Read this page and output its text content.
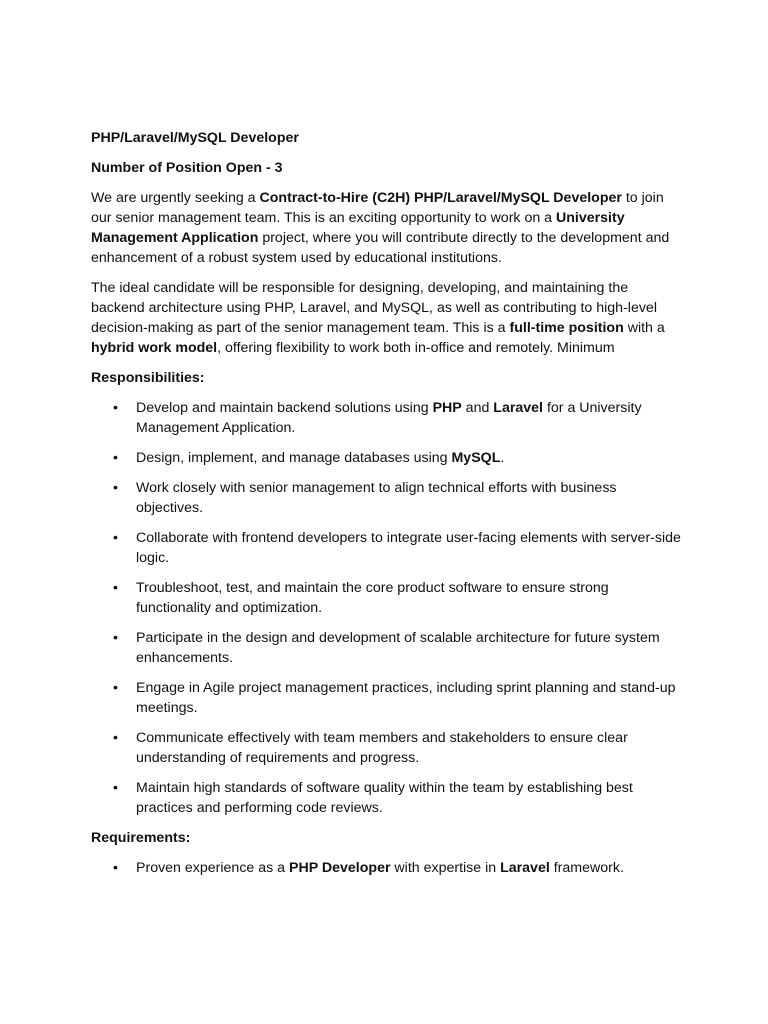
PHP/Laravel/MySQL Developer
Number of Position Open - 3

We are urgently seeking a Contract-to-Hire (C2H) PHP/Laravel/MySQL Developer to join our senior management team. This is an exciting opportunity to work on a University Management Application project, where you will contribute directly to the development and enhancement of a robust system used by educational institutions.

The ideal candidate will be responsible for designing, developing, and maintaining the backend architecture using PHP, Laravel, and MySQL, as well as contributing to high-level decision-making as part of the senior management team. This is a full-time position with a hybrid work model, offering flexibility to work both in-office and remotely. Minimum

Responsibilities:
• Develop and maintain backend solutions using PHP and Laravel for a University Management Application.
• Design, implement, and manage databases using MySQL.
• Work closely with senior management to align technical efforts with business objectives.
• Collaborate with frontend developers to integrate user-facing elements with server-side logic.
• Troubleshoot, test, and maintain the core product software to ensure strong functionality and optimization.
• Participate in the design and development of scalable architecture for future system enhancements.
• Engage in Agile project management practices, including sprint planning and stand-up meetings.
• Communicate effectively with team members and stakeholders to ensure clear understanding of requirements and progress.
• Maintain high standards of software quality within the team by establishing best practices and performing code reviews.
Requirements:
• Proven experience as a PHP Developer with expertise in Laravel framework.
